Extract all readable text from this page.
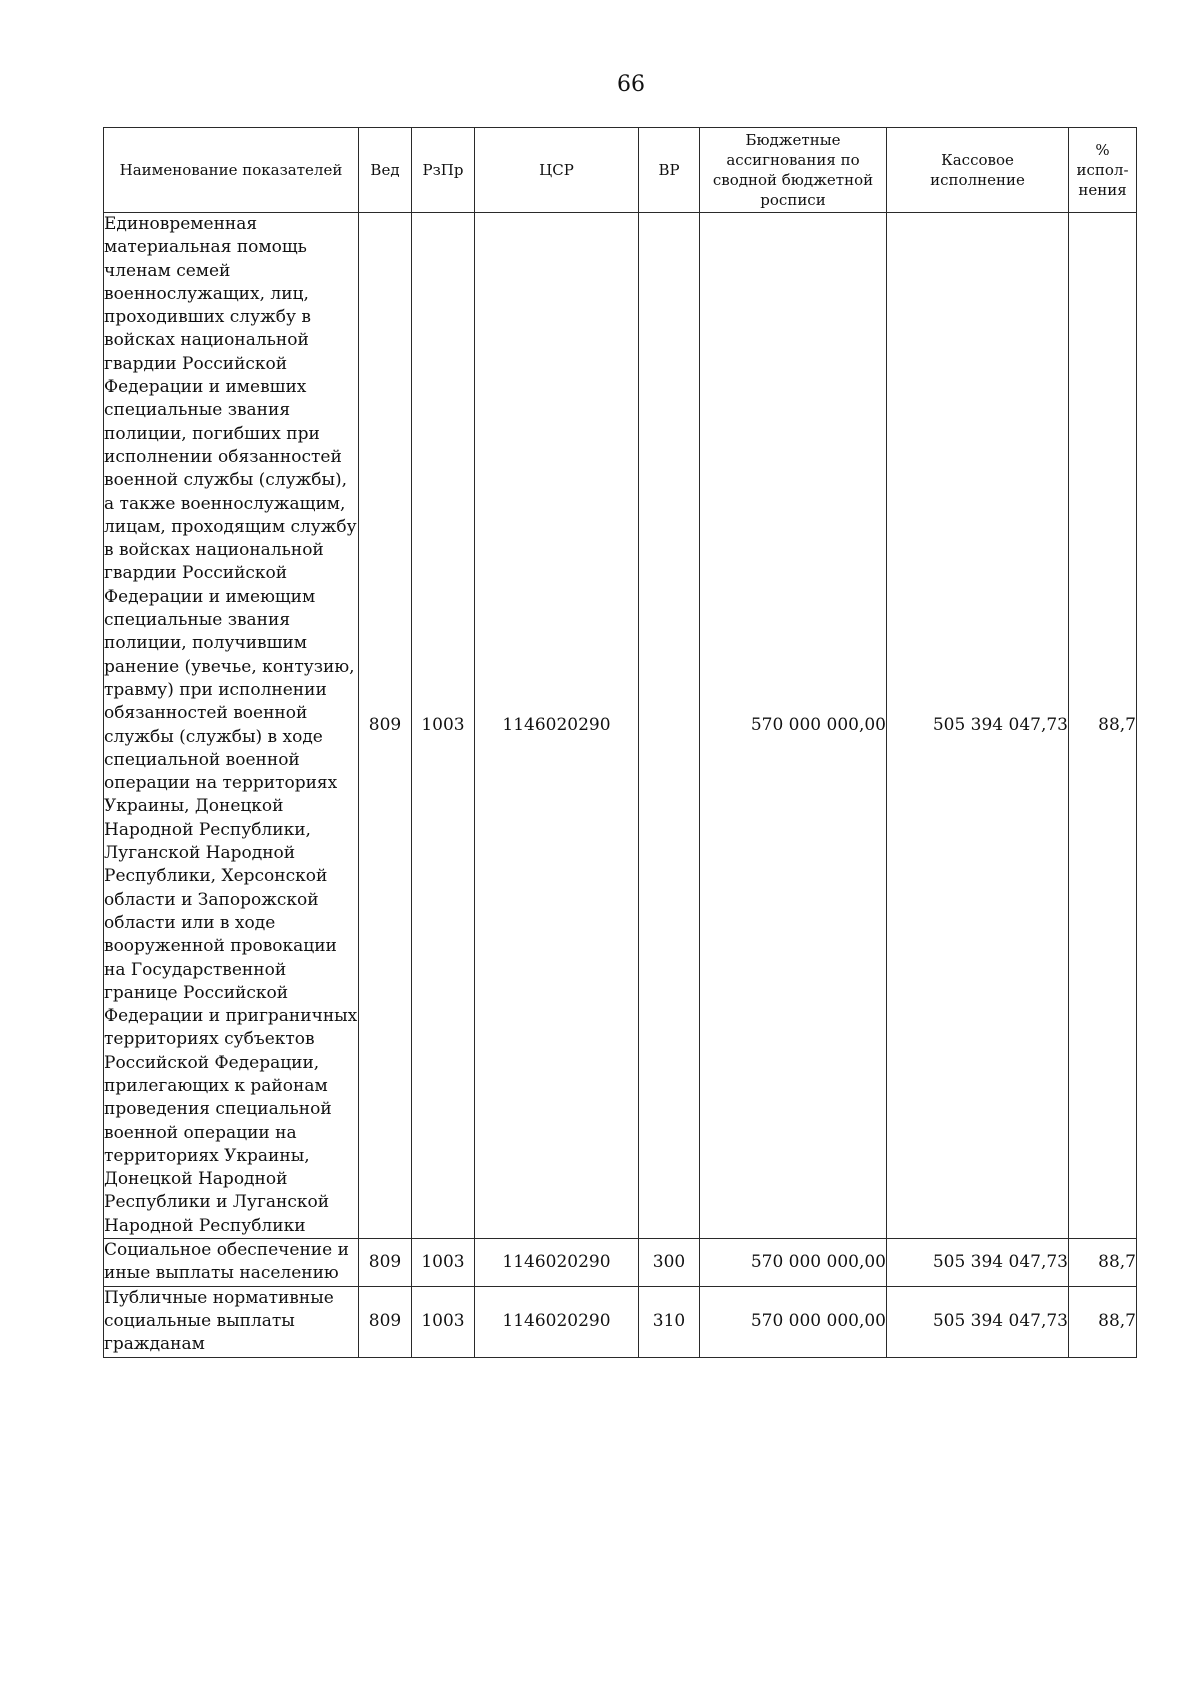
66
Наименование показателей	Вед	РзПр	ЦСР	ВР	Бюджетные ассигнования по сводной бюджетной росписи	Кассовое исполнение	% испол-нения
Единовременная материальная помощь членам семей военнослужащих, лиц, проходивших службу в войсках национальной гвардии Российской Федерации и имевших специальные звания полиции, погибших при исполнении обязанностей военной службы (службы), а также военнослужащим, лицам, проходящим службу в войсках национальной гвардии Российской Федерации и имеющим специальные звания полиции, получившим ранение (увечье, контузию, травму) при исполнении обязанностей военной службы (службы) в ходе специальной военной операции на территориях Украины, Донецкой Народной Республики, Луганской Народной Республики, Херсонской области и Запорожской области или в ходе вооруженной провокации на Государственной границе Российской Федерации и приграничных территориях субъектов Российской Федерации, прилегающих к районам проведения специальной военной операции на территориях Украины, Донецкой Народной Республики и Луганской Народной Республики	809	1003	1146020290		570 000 000,00	505 394 047,73	88,7
Социальное обеспечение и иные выплаты населению	809	1003	1146020290	300	570 000 000,00	505 394 047,73	88,7
Публичные нормативные социальные выплаты гражданам	809	1003	1146020290	310	570 000 000,00	505 394 047,73	88,7
